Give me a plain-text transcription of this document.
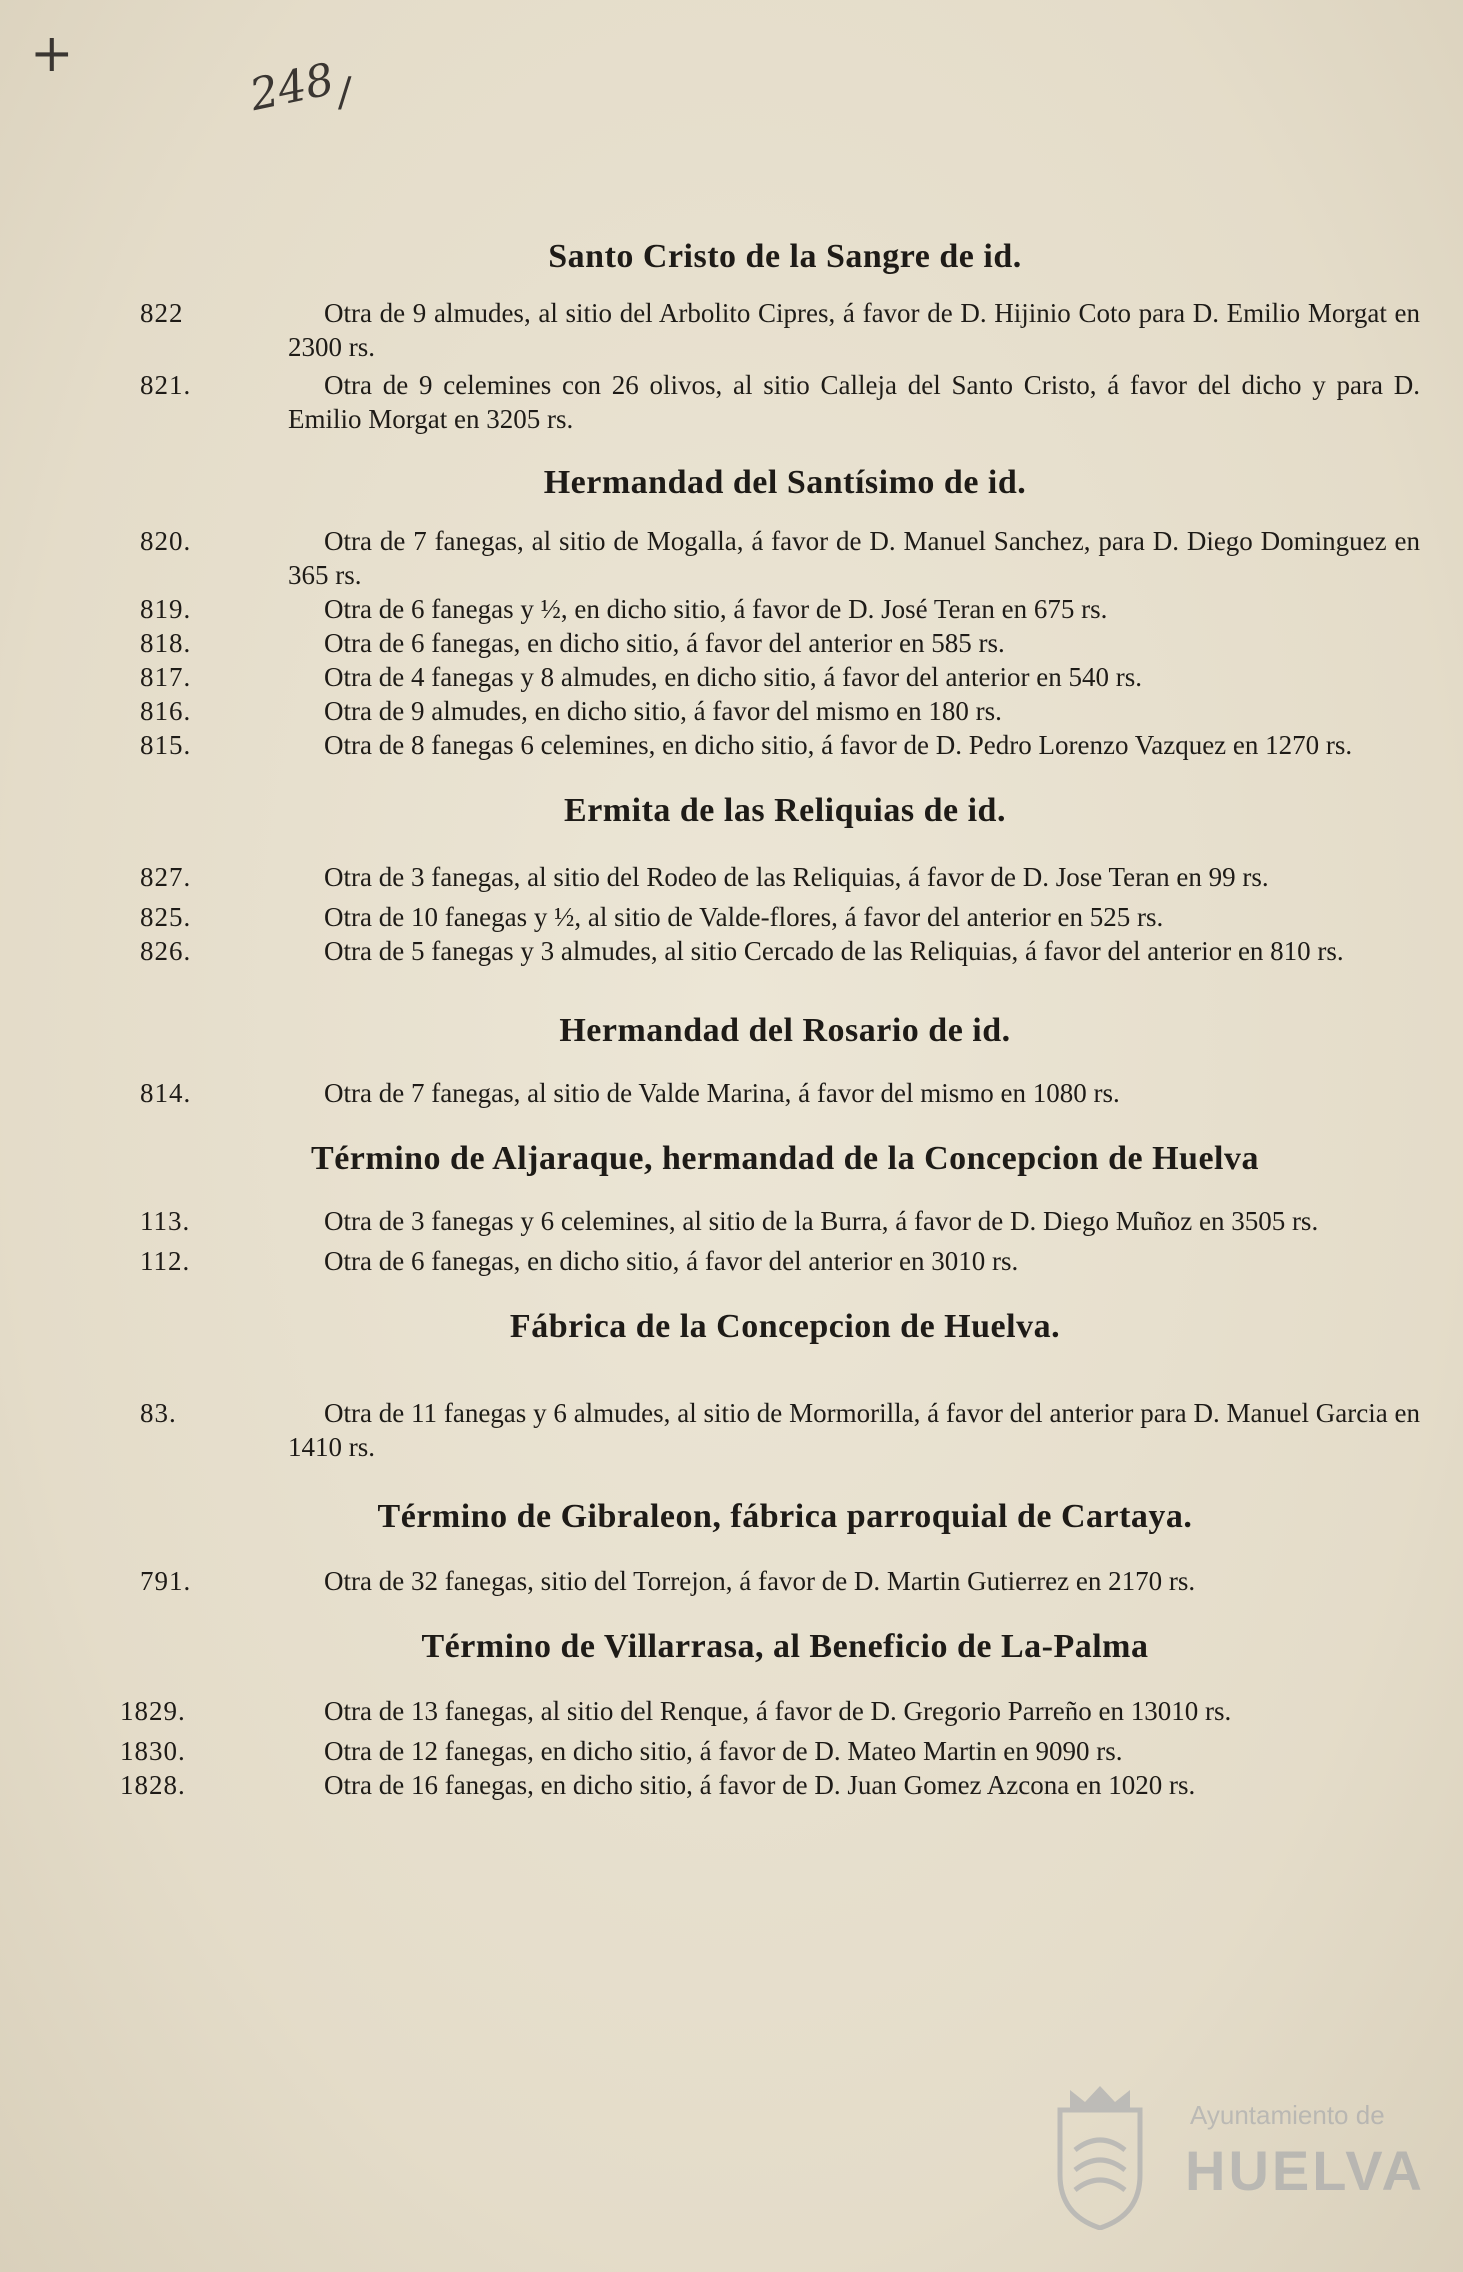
+	248 /
Santo Cristo de la Sangre de id.
822	Otra de 9 almudes, al sitio del Arbolito Cipres, á favor de D. Hijinio Coto para D. Emilio Morgat en 2300 rs.
821.	Otra de 9 celemines con 26 olivos, al sitio Calleja del Santo Cristo, á favor del dicho y para D. Emilio Morgat en 3205 rs.
Hermandad del Santísimo de id.
820.	Otra de 7 fanegas, al sitio de Mogalla, á favor de D. Manuel Sanchez, para D. Diego Dominguez en 365 rs.
819.	Otra de 6 fanegas y ½, en dicho sitio, á favor de D. José Teran en 675 rs.
818.	Otra de 6 fanegas, en dicho sitio, á favor del anterior en 585 rs.
817.	Otra de 4 fanegas y 8 almudes, en dicho sitio, á favor del anterior en 540 rs.
816.	Otra de 9 almudes, en dicho sitio, á favor del mismo en 180 rs.
815.	Otra de 8 fanegas 6 celemines, en dicho sitio, á favor de D. Pedro Lorenzo Vazquez en 1270 rs.
Ermita de las Reliquias de id.
827.	Otra de 3 fanegas, al sitio del Rodeo de las Reliquias, á favor de D. Jose Teran en 99 rs.
825.	Otra de 10 fanegas y ½, al sitio de Valde-flores, á favor del anterior en 525 rs.
826.	Otra de 5 fanegas y 3 almudes, al sitio Cercado de las Reliquias, á favor del anterior en 810 rs.
Hermandad del Rosario de id.
814.	Otra de 7 fanegas, al sitio de Valde Marina, á favor del mismo en 1080 rs.
Término de Aljaraque, hermandad de la Concepcion de Huelva
113.	Otra de 3 fanegas y 6 celemines, al sitio de la Burra, á favor de D. Diego Muñoz en 3505 rs.
112.	Otra de 6 fanegas, en dicho sitio, á favor del anterior en 3010 rs.
Fábrica de la Concepcion de Huelva.
83.	Otra de 11 fanegas y 6 almudes, al sitio de Mormorilla, á favor del anterior para D. Manuel Garcia en 1410 rs.
Término de Gibraleon, fábrica parroquial de Cartaya.
791.	Otra de 32 fanegas, sitio del Torrejon, á favor de D. Martin Gutierrez en 2170 rs.
Término de Villarrasa, al Beneficio de La-Palma
1829.	Otra de 13 fanegas, al sitio del Renque, á favor de D. Gregorio Parreño en 13010 rs.
1830.	Otra de 12 fanegas, en dicho sitio, á favor de D. Mateo Martin en 9090 rs.
1828.	Otra de 16 fanegas, en dicho sitio, á favor de D. Juan Gomez Azcona en 1020 rs.
Ayuntamiento de
HUELVA
